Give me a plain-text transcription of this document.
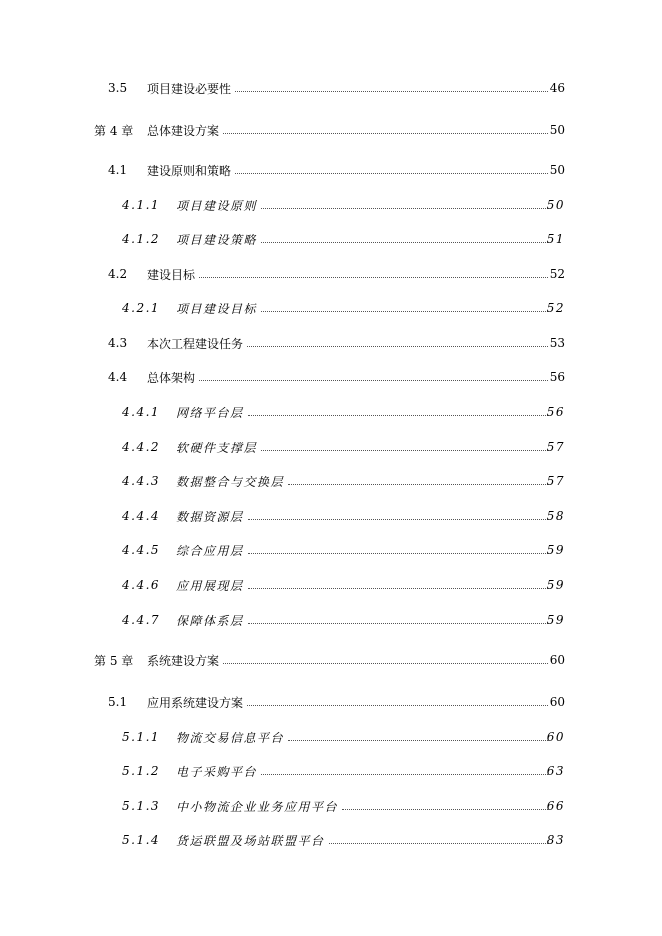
3.5 项目建设必要性	46
第 4 章 总体建设方案	50
4.1 建设原则和策略	50
4.1.1 项目建设原则	50
4.1.2 项目建设策略	51
4.2 建设目标	52
4.2.1 项目建设目标	52
4.3 本次工程建设任务	53
4.4 总体架构	56
4.4.1 网络平台层	56
4.4.2 软硬件支撑层	57
4.4.3 数据整合与交换层	57
4.4.4 数据资源层	58
4.4.5 综合应用层	59
4.4.6 应用展现层	59
4.4.7 保障体系层	59
第 5 章 系统建设方案	60
5.1 应用系统建设方案	60
5.1.1 物流交易信息平台	60
5.1.2 电子采购平台	63
5.1.3 中小物流企业业务应用平台	66
5.1.4 货运联盟及场站联盟平台	83
